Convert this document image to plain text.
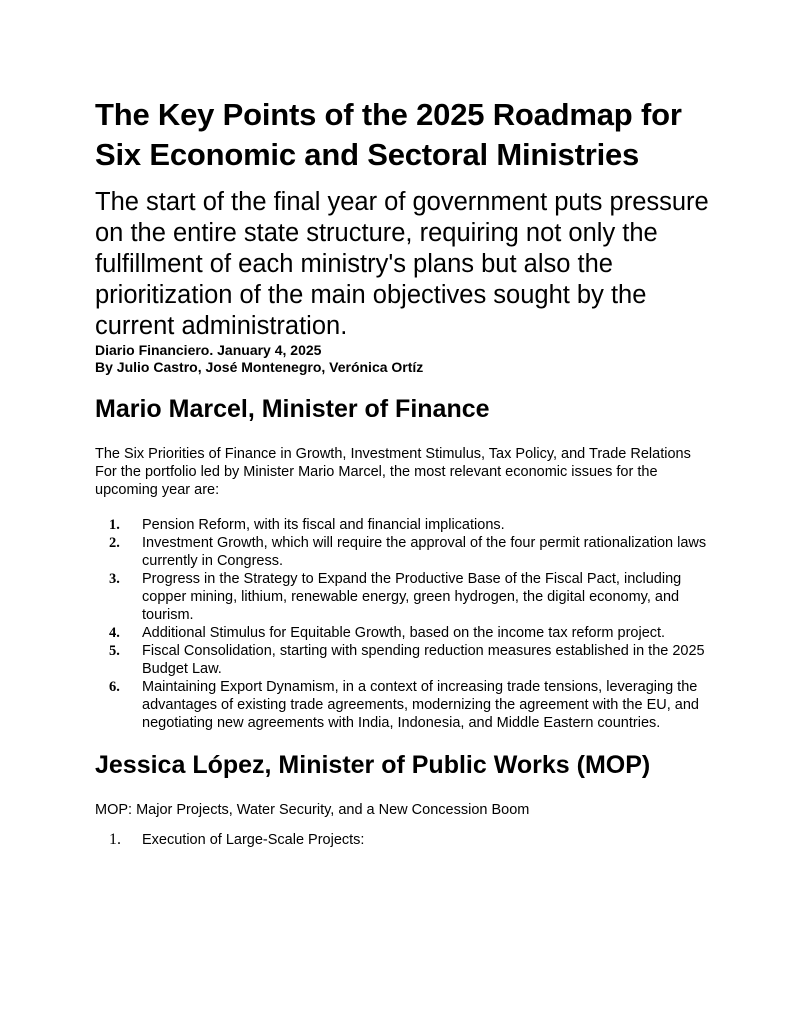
The Key Points of the 2025 Roadmap for Six Economic and Sectoral Ministries

The start of the final year of government puts pressure on the entire state structure, requiring not only the fulfillment of each ministry's plans but also the prioritization of the main objectives sought by the current administration.

Diario Financiero. January 4, 2025

By Julio Castro, José Montenegro, Verónica Ortíz

Mario Marcel, Minister of Finance

The Six Priorities of Finance in Growth, Investment Stimulus, Tax Policy, and Trade Relations

For the portfolio led by Minister Mario Marcel, the most relevant economic issues for the upcoming year are:

1. Pension Reform, with its fiscal and financial implications.
2. Investment Growth, which will require the approval of the four permit rationalization laws currently in Congress.
3. Progress in the Strategy to Expand the Productive Base of the Fiscal Pact, including copper mining, lithium, renewable energy, green hydrogen, the digital economy, and tourism.
4. Additional Stimulus for Equitable Growth, based on the income tax reform project.
5. Fiscal Consolidation, starting with spending reduction measures established in the 2025 Budget Law.
6. Maintaining Export Dynamism, in a context of increasing trade tensions, leveraging the advantages of existing trade agreements, modernizing the agreement with the EU, and negotiating new agreements with India, Indonesia, and Middle Eastern countries.
Jessica López, Minister of Public Works (MOP)

MOP: Major Projects, Water Security, and a New Concession Boom

1. Execution of Large-Scale Projects:
